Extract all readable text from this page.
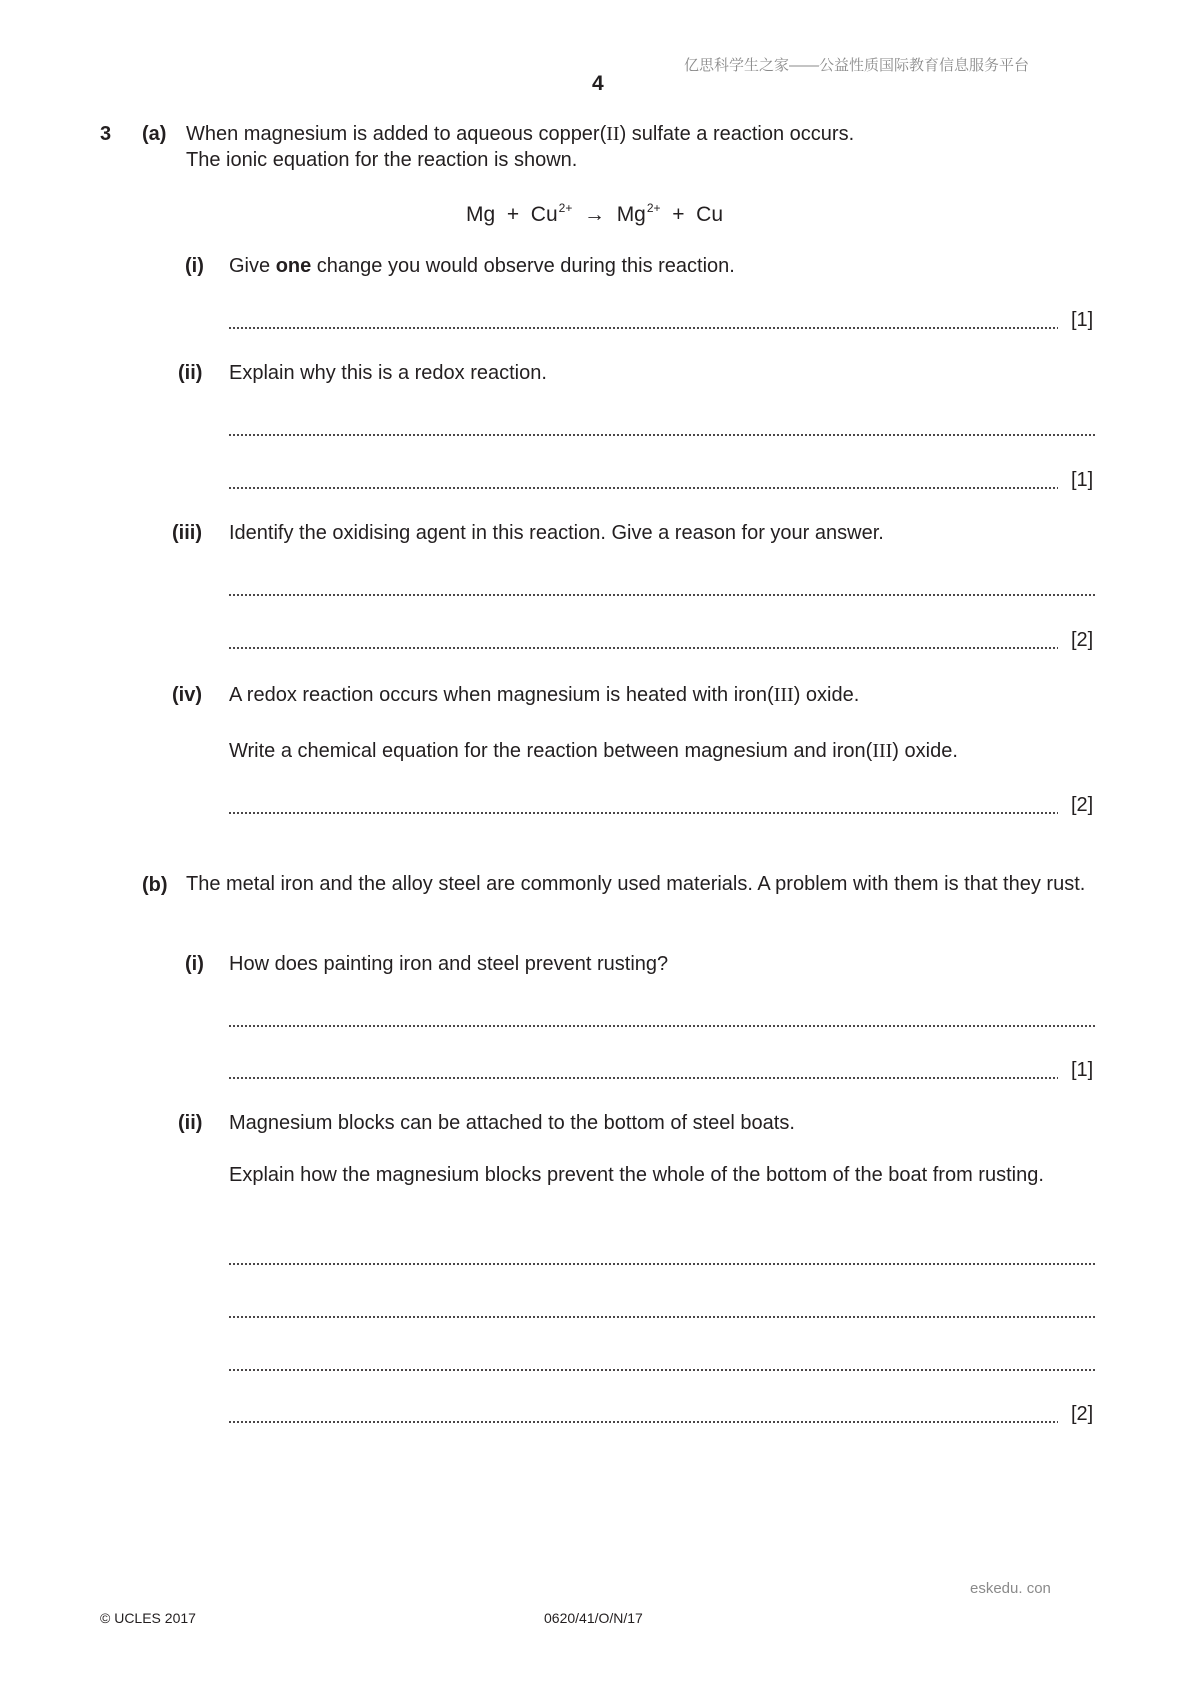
亿思科学生之家——公益性质国际教育信息服务平台
4
3 (a) When magnesium is added to aqueous copper(II) sulfate a reaction occurs.
The ionic equation for the reaction is shown.
$Mg + Cu^{2+} \to Mg^{2+} + Cu$
(i) Give one change you would observe during this reaction.
[1]
(ii) Explain why this is a redox reaction.
[1]
(iii) Identify the oxidising agent in this reaction. Give a reason for your answer.
[2]
(iv) A redox reaction occurs when magnesium is heated with iron(III) oxide.
Write a chemical equation for the reaction between magnesium and iron(III) oxide.
[2]
(b) The metal iron and the alloy steel are commonly used materials. A problem with them is that they rust.
(i) How does painting iron and steel prevent rusting?
[1]
(ii) Magnesium blocks can be attached to the bottom of steel boats.
Explain how the magnesium blocks prevent the whole of the bottom of the boat from rusting.
[2]
eskedu. con
© UCLES 2017	0620/41/O/N/17
